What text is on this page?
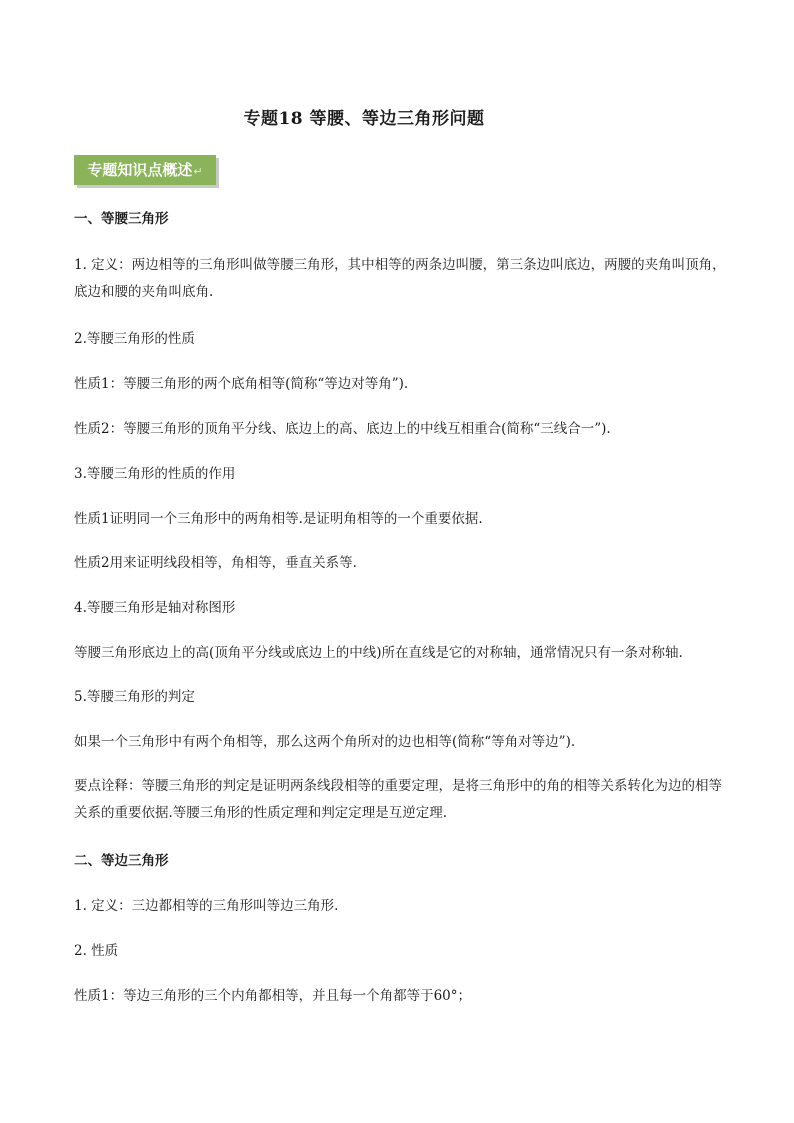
专题18 等腰、等边三角形问题
专题知识点概述↵
一、等腰三角形
1. 定义：两边相等的三角形叫做等腰三角形，其中相等的两条边叫腰，第三条边叫底边，两腰的夹角叫顶角，底边和腰的夹角叫底角.
2.等腰三角形的性质
性质1：等腰三角形的两个底角相等(简称“等边对等角”).
性质2：等腰三角形的顶角平分线、底边上的高、底边上的中线互相重合(简称“三线合一”).
3.等腰三角形的性质的作用
性质1证明同一个三角形中的两角相等.是证明角相等的一个重要依据.
性质2用来证明线段相等，角相等，垂直关系等.
4.等腰三角形是轴对称图形
等腰三角形底边上的高(顶角平分线或底边上的中线)所在直线是它的对称轴，通常情况只有一条对称轴.
5.等腰三角形的判定
如果一个三角形中有两个角相等，那么这两个角所对的边也相等(简称“等角对等边”).
要点诠释：等腰三角形的判定是证明两条线段相等的重要定理，是将三角形中的角的相等关系转化为边的相等关系的重要依据.等腰三角形的性质定理和判定定理是互逆定理.
二、等边三角形
1. 定义：三边都相等的三角形叫等边三角形.
2. 性质
性质1：等边三角形的三个内角都相等，并且每一个角都等于60°；
